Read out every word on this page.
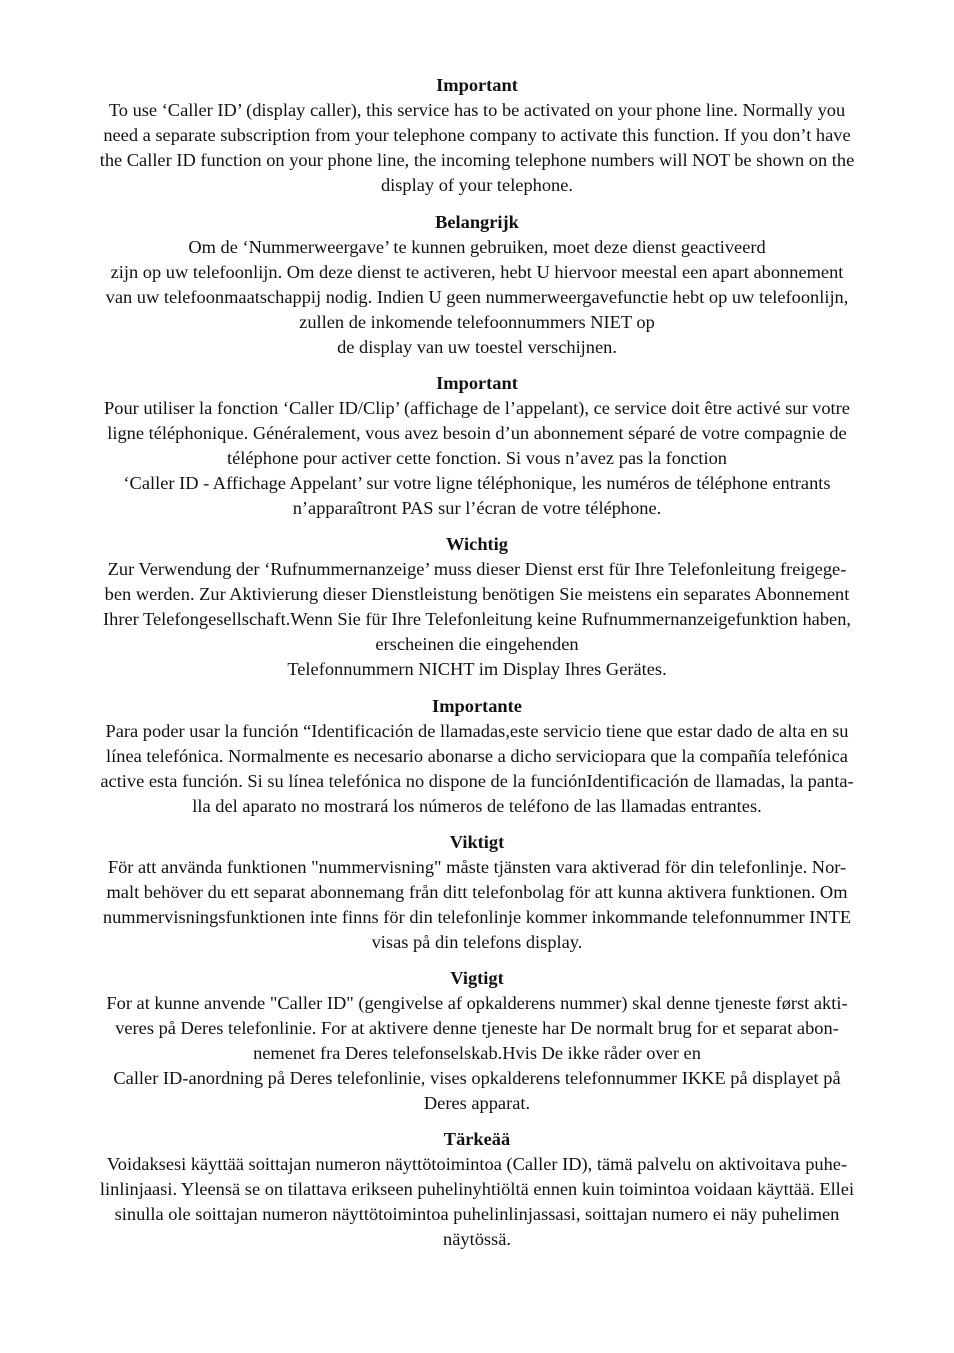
Important
To use ‘Caller ID’ (display caller), this service has to be activated on your phone line. Normally you
need a separate subscription from your telephone company to activate this function. If you don’t have
the Caller ID function on your phone line, the incoming telephone numbers will NOT be shown on the
display of your telephone.
Belangrijk
Om de ‘Nummerweergave’ te kunnen gebruiken, moet deze dienst geactiveerd
zijn op uw telefoonlijn. Om deze dienst te activeren, hebt U hiervoor meestal een apart abonnement
van uw telefoonmaatschappij nodig. Indien U geen nummerweergavefunctie hebt op uw telefoonlijn,
zullen de inkomende telefoonnummers NIET op
de display van uw toestel verschijnen.
Important
Pour utiliser la fonction ‘Caller ID/Clip’ (affichage de l’appelant), ce service doit être activé sur votre
ligne téléphonique. Généralement, vous avez besoin d’un abonnement séparé de votre compagnie de
téléphone pour activer cette fonction. Si vous n’avez pas la fonction
‘Caller ID - Affichage Appelant’ sur votre ligne téléphonique, les numéros de téléphone entrants
n’apparaîtront PAS sur l’écran de votre téléphone.
Wichtig
Zur Verwendung der ‘Rufnummernanzeige’ muss dieser Dienst erst für Ihre Telefonleitung freigege-
ben werden. Zur Aktivierung dieser Dienstleistung benötigen Sie meistens ein separates Abonnement
Ihrer Telefongesellschaft.Wenn Sie für Ihre Telefonleitung keine Rufnummernanzeigefunktion haben,
erscheinen die eingehenden
Telefonnummern NICHT im Display Ihres Gerätes.
Importante
Para poder usar la función “Identificación de llamadas,este servicio tiene que estar dado de alta en su
línea telefónica. Normalmente es necesario abonarse a dicho serviciopara que la compañía telefónica
active esta función. Si su línea telefónica no dispone de la funciónIdentificación de llamadas, la panta-
lla del aparato no mostrará los números de teléfono de las llamadas entrantes.
Viktigt
För att använda funktionen "nummervisning" måste tjänsten vara aktiverad för din telefonlinje. Nor-
malt behöver du ett separat abonnemang från ditt telefonbolag för att kunna aktivera funktionen. Om
nummervisningsfunktionen inte finns för din telefonlinje kommer inkommande telefonnummer INTE
visas på din telefons display.
Vigtigt
For at kunne anvende "Caller ID" (gengivelse af opkalderens nummer) skal denne tjeneste først akti-
veres på Deres telefonlinie. For at aktivere denne tjeneste har De normalt brug for et separat abon-
nemenet fra Deres telefonselskab.Hvis De ikke råder over en
Caller ID-anordning på Deres telefonlinie, vises opkalderens telefonnummer IKKE på displayet på
Deres apparat.
Tärkeää
Voidaksesi käyttää soittajan numeron näyttötoimintoa (Caller ID), tämä palvelu on aktivoitava puhe-
linlinjaasi. Yleensä se on tilattava erikseen puhelinyhtiöltä ennen kuin toimintoa voidaan käyttää. Ellei
sinulla ole soittajan numeron näyttötoimintoa puhelinlinjassasi, soittajan numero ei näy puhelimen
näytössä.
